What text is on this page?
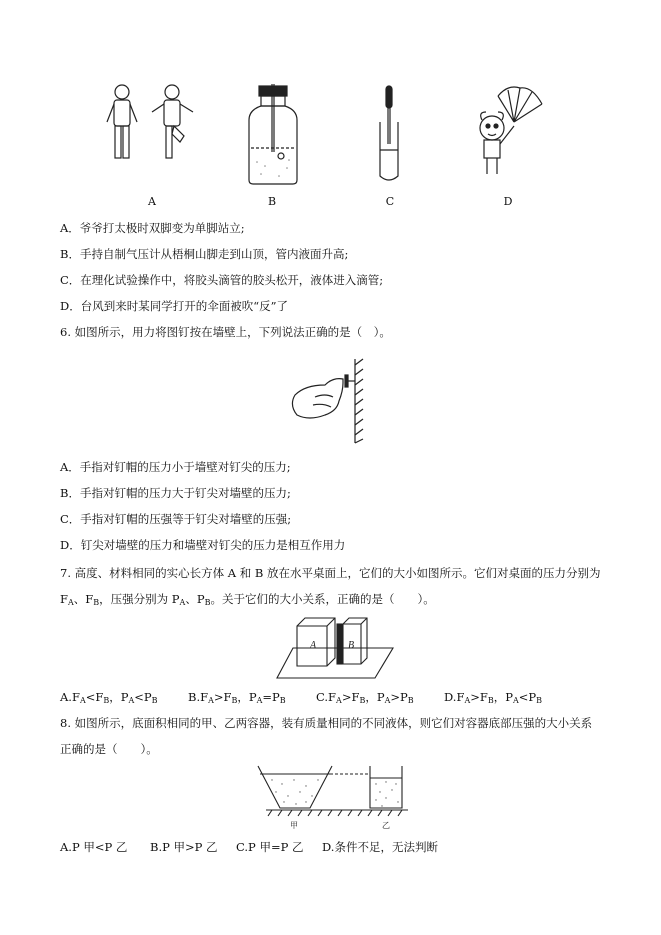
A	B	C	D

A．爷爷打太极时双脚变为单脚站立;

B．手持自制气压计从梧桐山脚走到山顶，管内液面升高;

C．在理化试验操作中，将胶头滴管的胶头松开，液体进入滴管;

D．台风到来时某同学打开的伞面被吹“反”了

6. 如图所示，用力将图钉按在墙壁上，下列说法正确的是（　）。

A．手指对钉帽的压力小于墙壁对钉尖的压力;

B．手指对钉帽的压力大于钉尖对墙壁的压力;

C．手指对钉帽的压强等于钉尖对墙壁的压强;

D．钉尖对墙壁的压力和墙壁对钉尖的压力是相互作用力

7. 高度、材料相同的实心长方体 A 和 B 放在水平桌面上，它们的大小如图所示。它们对桌面的压力分别为

$F_A$、$F_B$，压强分别为 $P_A$、$P_B$。关于它们的大小关系，正确的是（　　）。

A	B

$A.F_A<F_B$，$P_A<P_B$	$B.F_A>F_B$，$P_A=P_B$	$C.F_A>F_B$，$P_A>P_B$	$D.F_A>F_B$，$P_A<P_B$

8. 如图所示，底面积相同的甲、乙两容器，装有质量相同的不同液体，则它们对容器底部压强的大小关系

正确的是（　　）。

甲	乙

A.P 甲<P 乙 B.P 甲>P 乙 C.P 甲=P 乙 D.条件不足，无法判断
